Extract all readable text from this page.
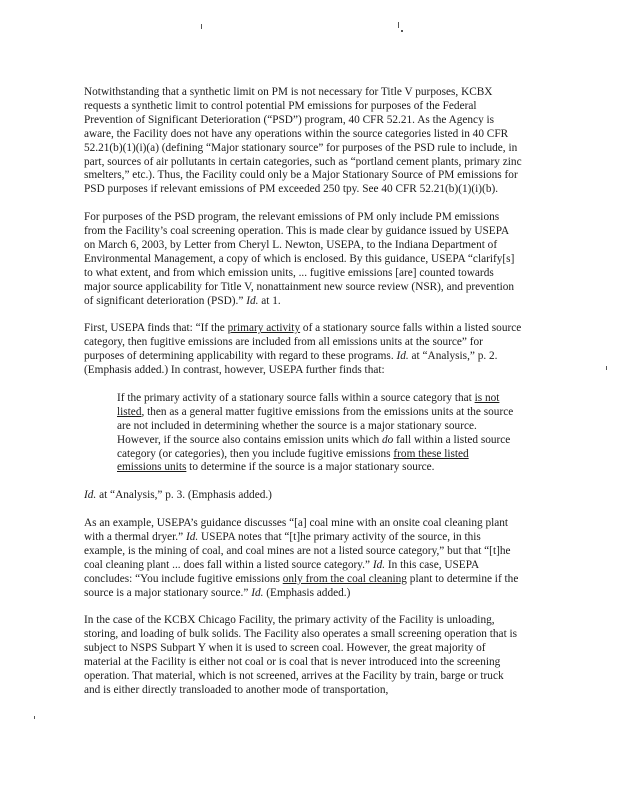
Notwithstanding that a synthetic limit on PM is not necessary for Title V purposes, KCBX requests a synthetic limit to control potential PM emissions for purposes of the Federal Prevention of Significant Deterioration (“PSD”) program, 40 CFR 52.21. As the Agency is aware, the Facility does not have any operations within the source categories listed in 40 CFR 52.21(b)(1)(i)(a) (defining “Major stationary source” for purposes of the PSD rule to include, in part, sources of air pollutants in certain categories, such as “portland cement plants, primary zinc smelters,” etc.). Thus, the Facility could only be a Major Stationary Source of PM emissions for PSD purposes if relevant emissions of PM exceeded 250 tpy. See 40 CFR 52.21(b)(1)(i)(b).

For purposes of the PSD program, the relevant emissions of PM only include PM emissions from the Facility’s coal screening operation. This is made clear by guidance issued by USEPA on March 6, 2003, by Letter from Cheryl L. Newton, USEPA, to the Indiana Department of Environmental Management, a copy of which is enclosed. By this guidance, USEPA “clarify[s] to what extent, and from which emission units, ... fugitive emissions [are] counted towards major source applicability for Title V, nonattainment new source review (NSR), and prevention of significant deterioration (PSD).” Id. at 1.

First, USEPA finds that: “If the primary activity of a stationary source falls within a listed source category, then fugitive emissions are included from all emissions units at the source” for purposes of determining applicability with regard to these programs. Id. at “Analysis,” p. 2. (Emphasis added.) In contrast, however, USEPA further finds that:

If the primary activity of a stationary source falls within a source category that is not listed, then as a general matter fugitive emissions from the emissions units at the source are not included in determining whether the source is a major stationary source. However, if the source also contains emission units which do fall within a listed source category (or categories), then you include fugitive emissions from these listed emissions units to determine if the source is a major stationary source.

Id. at “Analysis,” p. 3. (Emphasis added.)

As an example, USEPA’s guidance discusses “[a] coal mine with an onsite coal cleaning plant with a thermal dryer.” Id. USEPA notes that “[t]he primary activity of the source, in this example, is the mining of coal, and coal mines are not a listed source category,” but that “[t]he coal cleaning plant ... does fall within a listed source category.” Id. In this case, USEPA concludes: “You include fugitive emissions only from the coal cleaning plant to determine if the source is a major stationary source.” Id. (Emphasis added.)

In the case of the KCBX Chicago Facility, the primary activity of the Facility is unloading, storing, and loading of bulk solids. The Facility also operates a small screening operation that is subject to NSPS Subpart Y when it is used to screen coal. However, the great majority of material at the Facility is either not coal or is coal that is never introduced into the screening operation. That material, which is not screened, arrives at the Facility by train, barge or truck and is either directly transloaded to another mode of transportation,
